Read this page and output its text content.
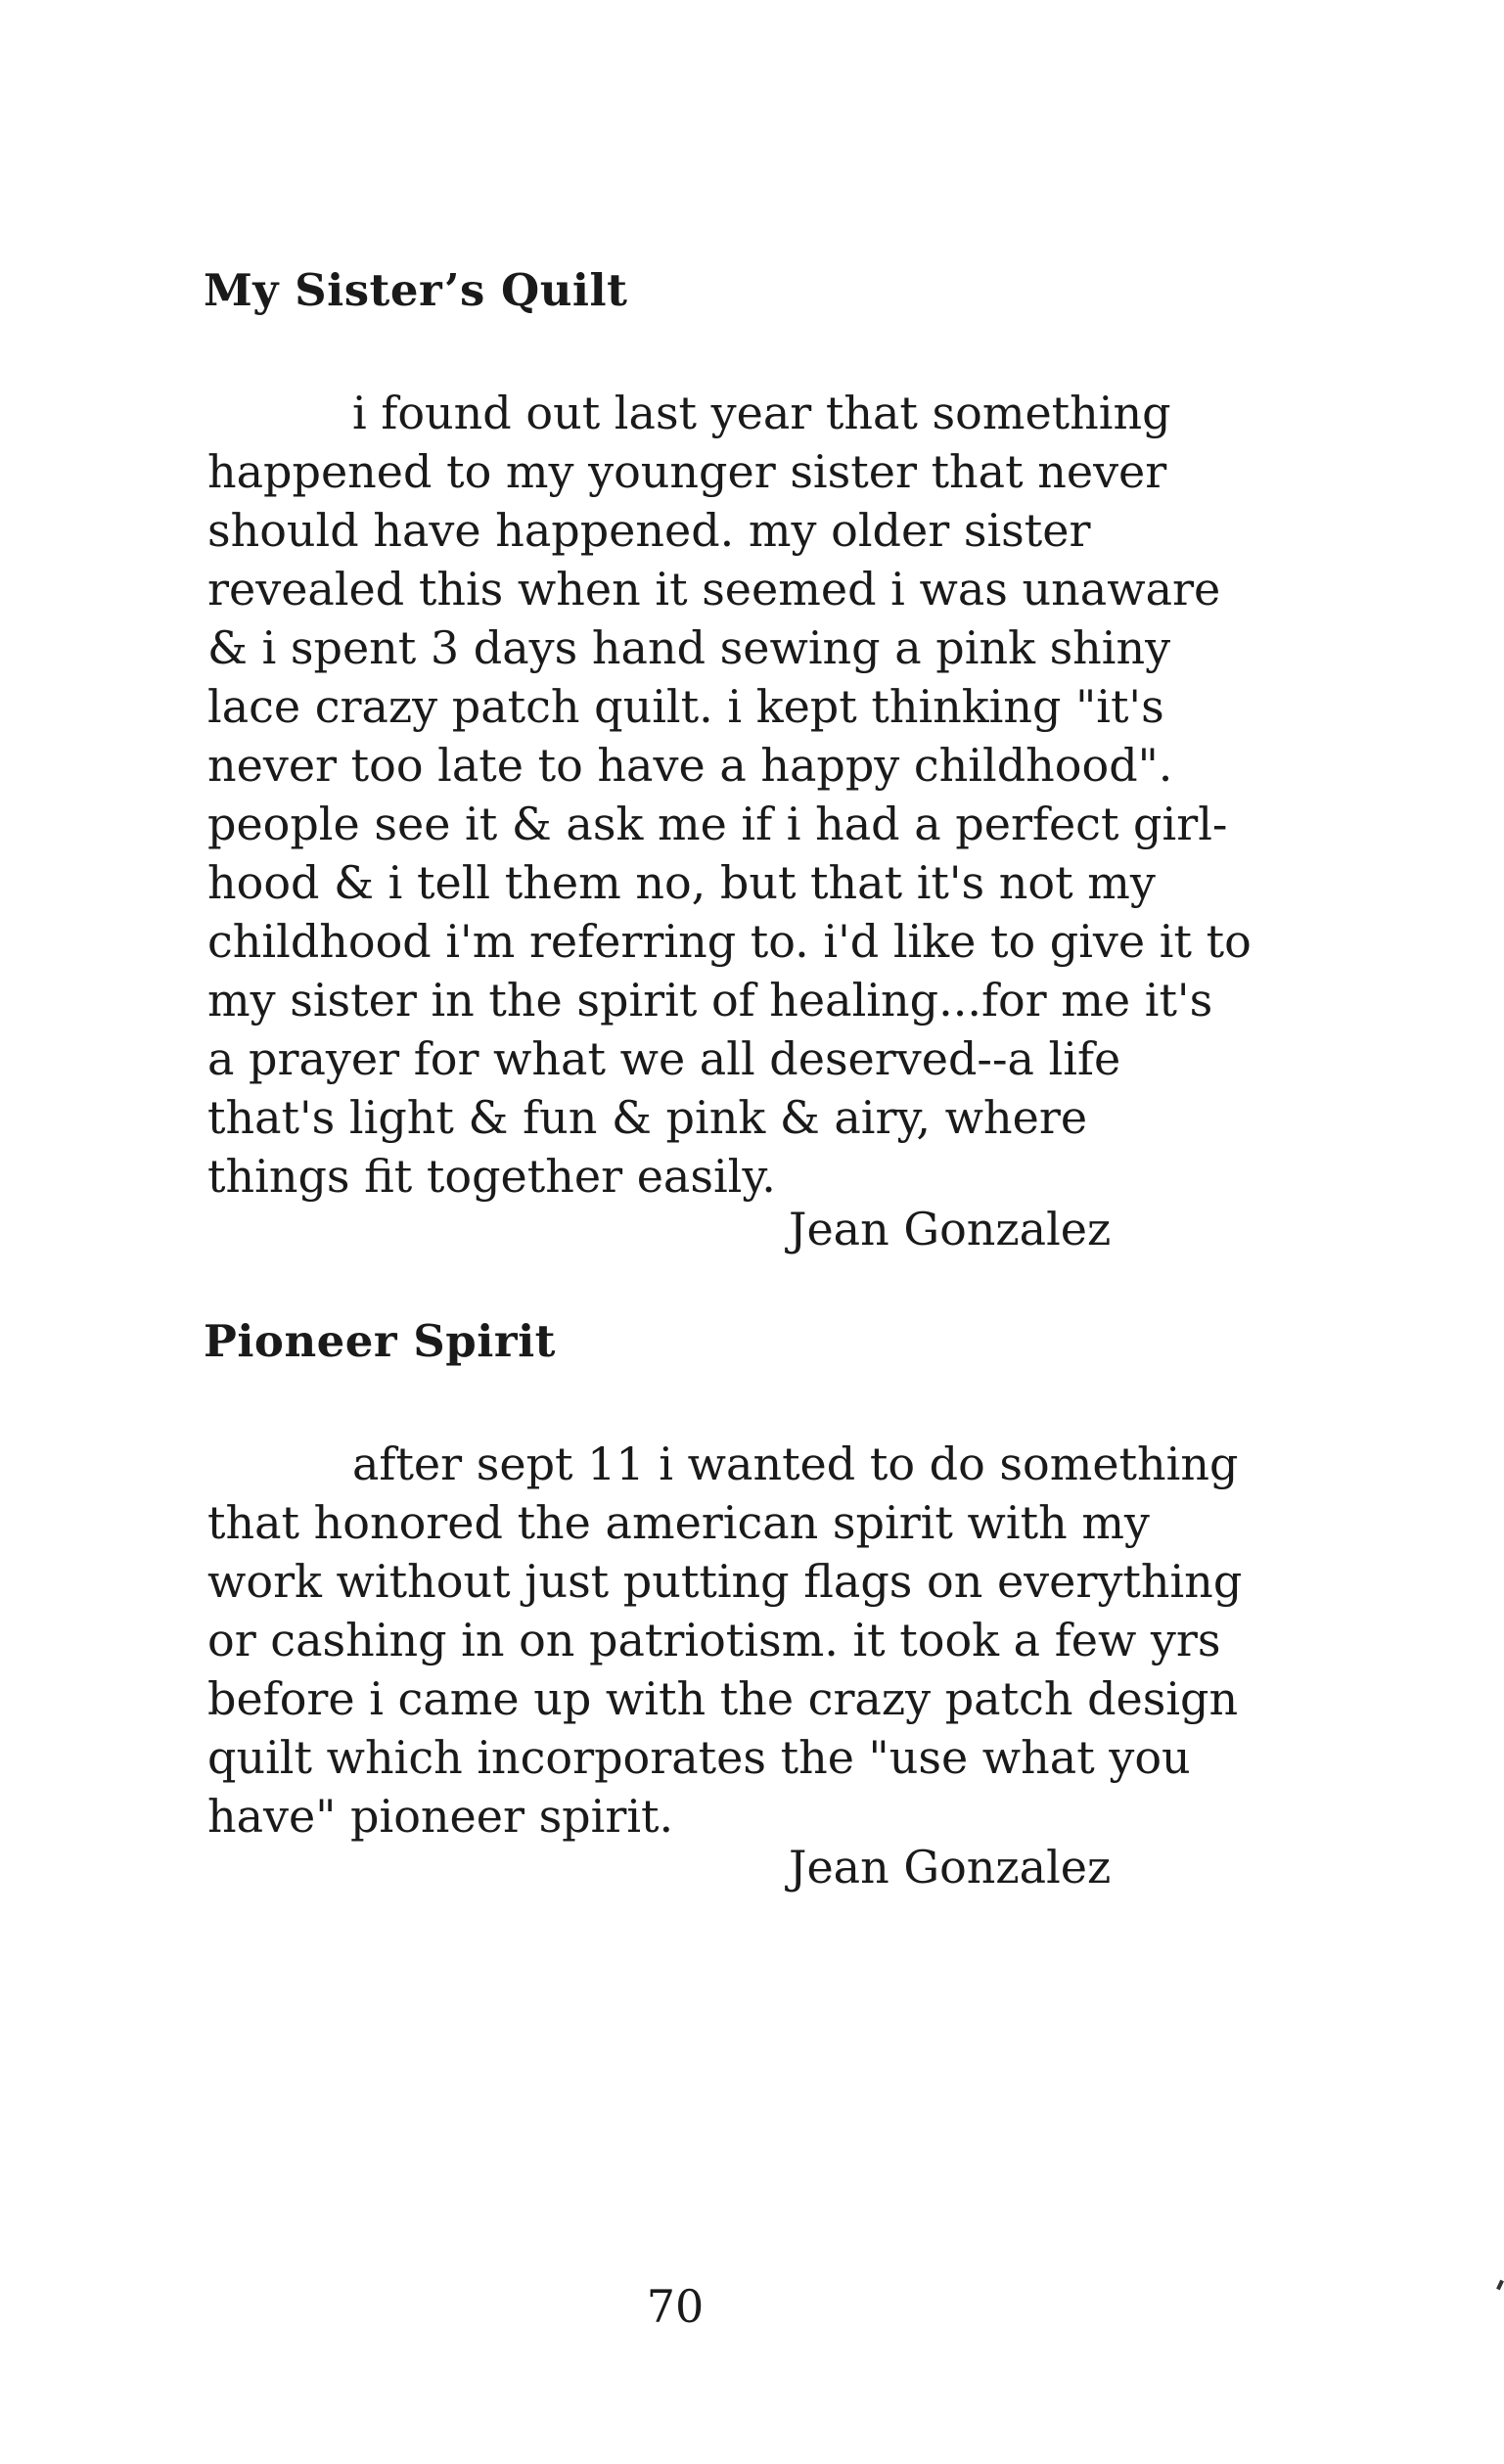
My Sister’s Quilt
i found out last year that something
happened to my younger sister that never
should have happened. my older sister
revealed this when it seemed i was unaware
& i spent 3 days hand sewing a pink shiny
lace crazy patch quilt. i kept thinking "it's
never too late to have a happy childhood".
people see it & ask me if i had a perfect girl-
hood & i tell them no, but that it's not my
childhood i'm referring to. i'd like to give it to
my sister in the spirit of healing...for me it's
a prayer for what we all deserved--a life
that's light & fun & pink & airy, where
things fit together easily.
Jean Gonzalez
Pioneer Spirit
after sept 11 i wanted to do something
that honored the american spirit with my
work without just putting flags on everything
or cashing in on patriotism. it took a few yrs
before i came up with the crazy patch design
quilt which incorporates the "use what you
have" pioneer spirit.
Jean Gonzalez
70
